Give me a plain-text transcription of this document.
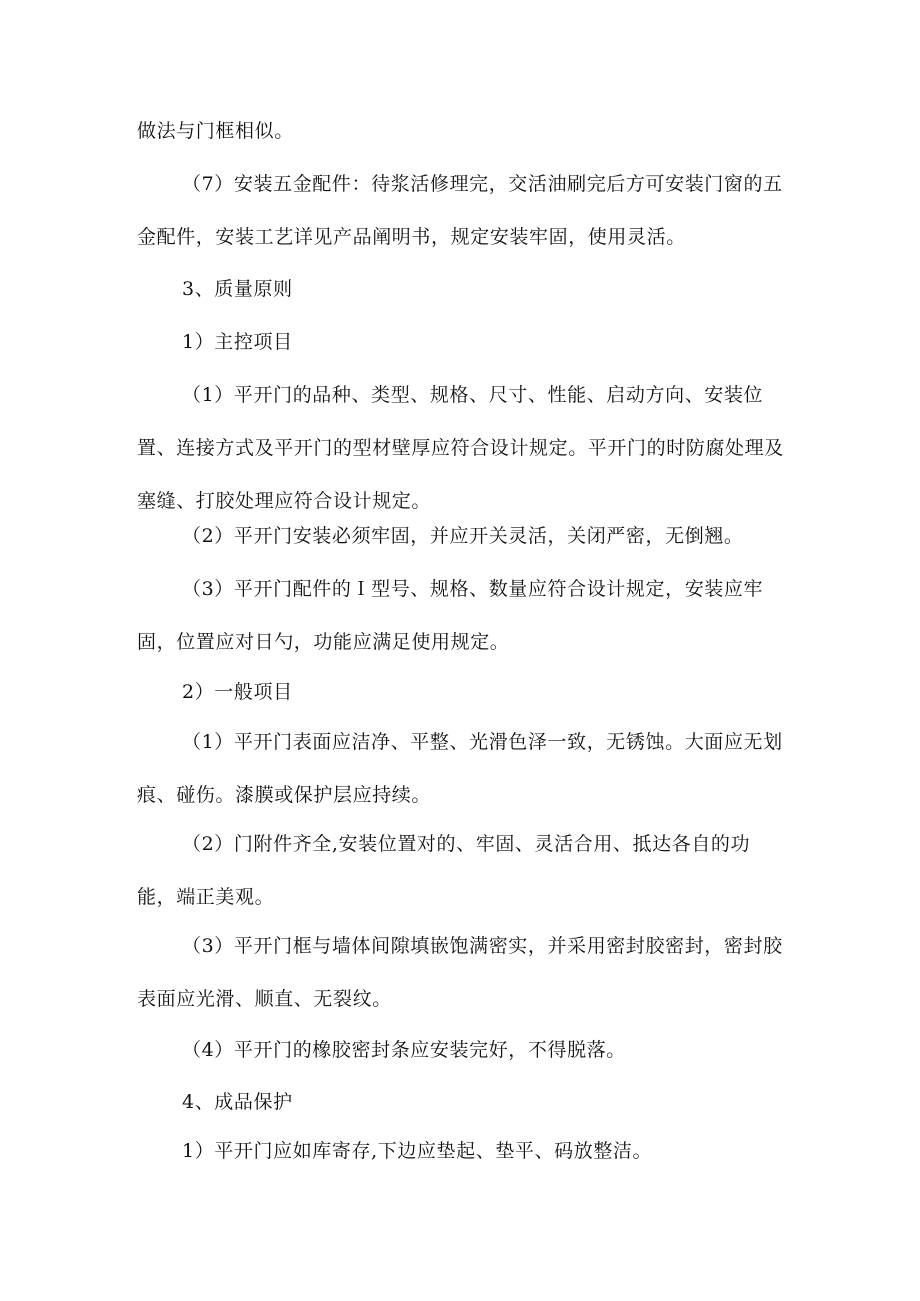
做法与门框相似。

（7）安装五金配件：待浆活修理完，交活油刷完后方可安装门窗的五金配件，安装工艺详见产品阐明书，规定安装牢固，使用灵活。

3、质量原则

1）主控项目

（1）平开门的品种、类型、规格、尺寸、性能、启动方向、安装位置、连接方式及平开门的型材壁厚应符合设计规定。平开门的时防腐处理及塞缝、打胶处理应符合设计规定。

（2）平开门安装必须牢固，并应开关灵活，关闭严密，无倒翘。

（3）平开门配件的Ｉ型号、规格、数量应符合设计规定，安装应牢固，位置应对日勺，功能应满足使用规定。

2）一般项目

（1）平开门表面应洁净、平整、光滑色泽一致，无锈蚀。大面应无划痕、碰伤。漆膜或保护层应持续。

（2）门附件齐全,安装位置对的、牢固、灵活合用、抵达各自的功能，端正美观。

（3）平开门框与墙体间隙填嵌饱满密实，并采用密封胶密封，密封胶表面应光滑、顺直、无裂纹。

（4）平开门的橡胶密封条应安装完好，不得脱落。

4、成品保护

1）平开门应如库寄存,下边应垫起、垫平、码放整洁。
